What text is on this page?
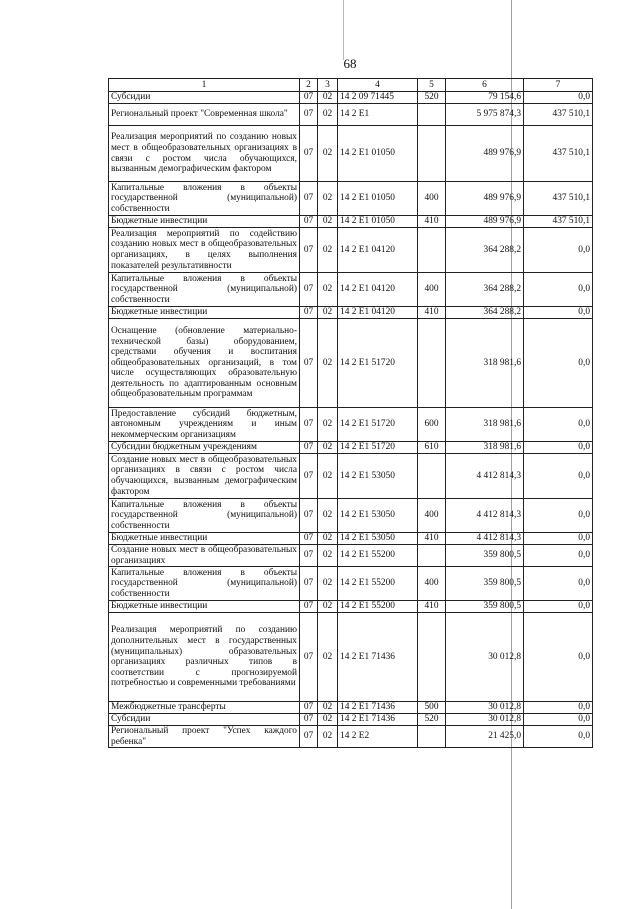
68
1	2	3	4	5	6	7
Субсидии	07	02	14 2 09 71445	520	79 154,6	0,0
Региональный проект "Современная школа"	07	02	14 2 E1		5 975 874,3	437 510,1
Реализация мероприятий по созданию новых мест в общеобразовательных организациях в связи с ростом числа обучающихся, вызванным демографическим фактором	07	02	14 2 E1 01050		489 976,9	437 510,1
Капитальные вложения в объекты государственной (муниципальной) собственности	07	02	14 2 E1 01050	400	489 976,9	437 510,1
Бюджетные инвестиции	07	02	14 2 E1 01050	410	489 976,9	437 510,1
Реализация мероприятий по содействию созданию новых мест в общеобразовательных организациях, в целях выполнения показателей результативности	07	02	14 2 E1 04120		364 288,2	0,0
Капитальные вложения в объекты государственной (муниципальной) собственности	07	02	14 2 E1 04120	400	364 288,2	0,0
Бюджетные инвестиции	07	02	14 2 E1 04120	410	364 288,2	0,0
Оснащение (обновление материально-технической базы) оборудованием, средствами обучения и воспитания общеобразовательных организаций, в том числе осуществляющих образовательную деятельность по адаптированным основным общеобразовательным программам	07	02	14 2 E1 51720		318 981,6	0,0
Предоставление субсидий бюджетным, автономным учреждениям и иным некоммерческим организациям	07	02	14 2 E1 51720	600	318 981,6	0,0
Субсидии бюджетным учреждениям	07	02	14 2 E1 51720	610	318 981,6	0,0
Создание новых мест в общеобразовательных организациях в связи с ростом числа обучающихся, вызванным демографическим фактором	07	02	14 2 E1 53050		4 412 814,3	0,0
Капитальные вложения в объекты государственной (муниципальной) собственности	07	02	14 2 E1 53050	400	4 412 814,3	0,0
Бюджетные инвестиции	07	02	14 2 E1 53050	410	4 412 814,3	0,0
Создание новых мест в общеобразовательных организациях	07	02	14 2 E1 55200		359 800,5	0,0
Капитальные вложения в объекты государственной (муниципальной) собственности	07	02	14 2 E1 55200	400	359 800,5	0,0
Бюджетные инвестиции	07	02	14 2 E1 55200	410	359 800,5	0,0
Реализация мероприятий по созданию дополнительных мест в государственных (муниципальных) образовательных организациях различных типов в соответствии с прогнозируемой потребностью и современными требованиями	07	02	14 2 E1 71436		30 012,8	0,0
Межбюджетные трансферты	07	02	14 2 E1 71436	500	30 012,8	0,0
Субсидии	07	02	14 2 E1 71436	520	30 012,8	0,0
Региональный проект "Успех каждого ребенка"	07	02	14 2 E2		21 425,0	0,0
